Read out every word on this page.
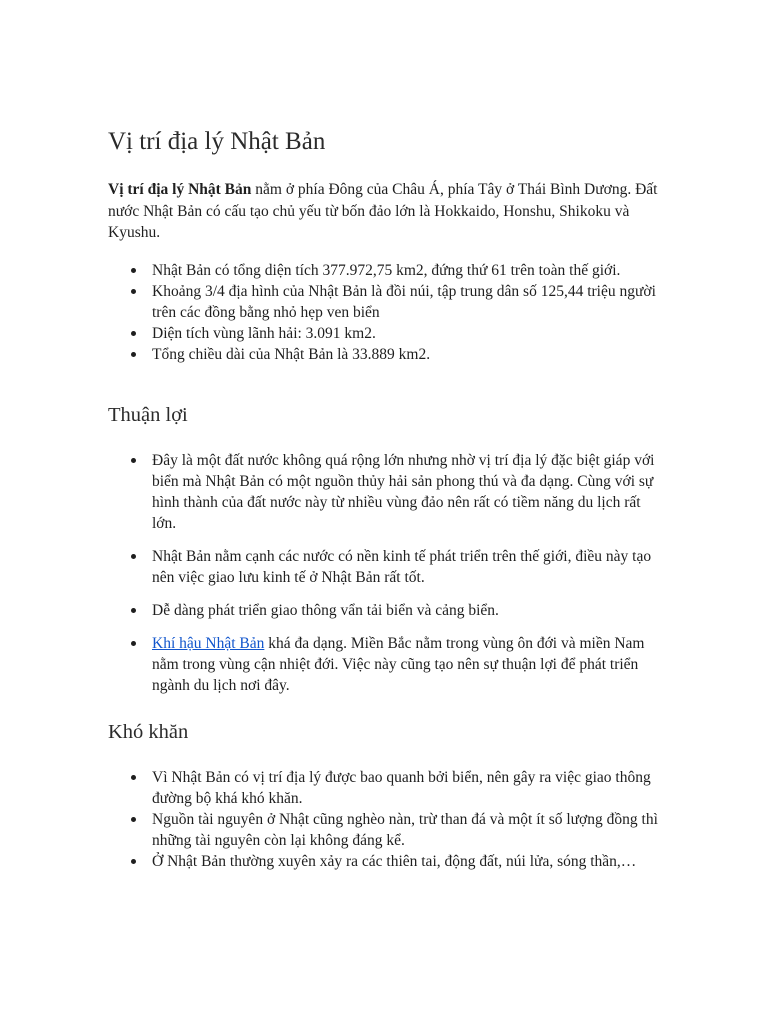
Vị trí địa lý Nhật Bản

Vị trí địa lý Nhật Bản nằm ở phía Đông của Châu Á, phía Tây ở Thái Bình Dương. Đất nước Nhật Bản có cấu tạo chủ yếu từ bốn đảo lớn là Hokkaido, Honshu, Shikoku và Kyushu.

Nhật Bản có tổng diện tích 377.972,75 km2, đứng thứ 61 trên toàn thế giới.
Khoảng 3/4 địa hình của Nhật Bản là đồi núi, tập trung dân số 125,44 triệu người trên các đồng bằng nhỏ hẹp ven biển
Diện tích vùng lãnh hải: 3.091 km2.
Tổng chiều dài của Nhật Bản là 33.889 km2.
Thuận lợi
Đây là một đất nước không quá rộng lớn nhưng nhờ vị trí địa lý đặc biệt giáp với biển mà Nhật Bản có một nguồn thủy hải sản phong thú và đa dạng. Cùng với sự hình thành của đất nước này từ nhiều vùng đảo nên rất có tiềm năng du lịch rất lớn.
Nhật Bản nằm cạnh các nước có nền kinh tế phát triển trên thế giới, điều này tạo nên việc giao lưu kinh tế ở Nhật Bản rất tốt.
Dễ dàng phát triển giao thông vẩn tải biển và cảng biển.
Khí hậu Nhật Bản khá đa dạng. Miền Bắc nằm trong vùng ôn đới và miền Nam nằm trong vùng cận nhiệt đới. Việc này cũng tạo nên sự thuận lợi để phát triển ngành du lịch nơi đây.
Khó khăn
Vì Nhật Bản có vị trí địa lý được bao quanh bởi biển, nên gây ra việc giao thông đường bộ khá khó khăn.
Nguồn tài nguyên ở Nhật cũng nghèo nàn, trừ than đá và một ít số lượng đồng thì những tài nguyên còn lại không đáng kể.
Ở Nhật Bản thường xuyên xảy ra các thiên tai, động đất, núi lửa, sóng thần,…
